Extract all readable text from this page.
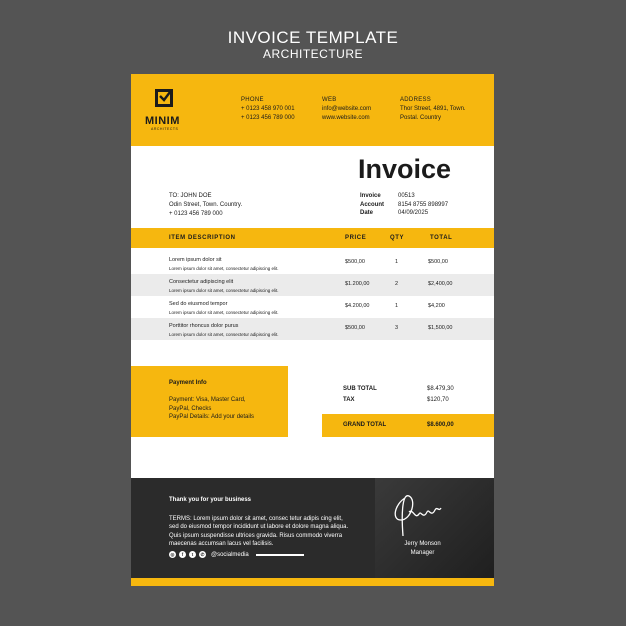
INVOICE TEMPLATE
ARCHITECTURE
MINIM
ARCHITECTS
PHONE
+ 0123 458 970 001
+ 0123 456 789 000
WEB
info@website.com
www.website.com
ADDRESS
Thor Street, 4891, Town.
Postal. Country
Invoice
TO: JOHN DOE
Odin Street, Town. Country.
+ 0123 456 789 000
Invoice	00513
Account	8154 8755 898997
Date	04/09/2025
ITEM DESCRIPTION	PRICE	QTY	TOTAL
Lorem ipsum dolor sit
Lorem ipsum dolor sit amet, consectetur adipiscing elit.
$500,00	1	$500,00
Consectetur adipiscing elit
Lorem ipsum dolor sit amet, consectetur adipiscing elit.
$1.200,00	2	$2,400,00
Sed do eiusmod tempor
Lorem ipsum dolor sit amet, consectetur adipiscing elit.
$4.200,00	1	$4,200
Porttitor rhoncus dolor purus
Lorem ipsum dolor sit amet, consectetur adipiscing elit.
$500,00	3	$1,500,00
Payment Info
Payment: Visa, Master Card,
PayPal, Checks
PayPal Details: Add your details
SUB TOTAL	$8.479,30
TAX	$120,70
GRAND TOTAL	$8.600,00
Thank you for your business
TERMS: Lorem ipsum dolor sit amet, consec tetur adipis cing elit, sed do eiusmod tempor incididunt ut labore et dolore magna aliqua. Quis ipsum suspendisse ultrices gravida. Risus commodo viverra maecenas accumsan lacus vel facilisis.
◎	f	t	✆ @socialmedia
Jerry Monson
Manager
